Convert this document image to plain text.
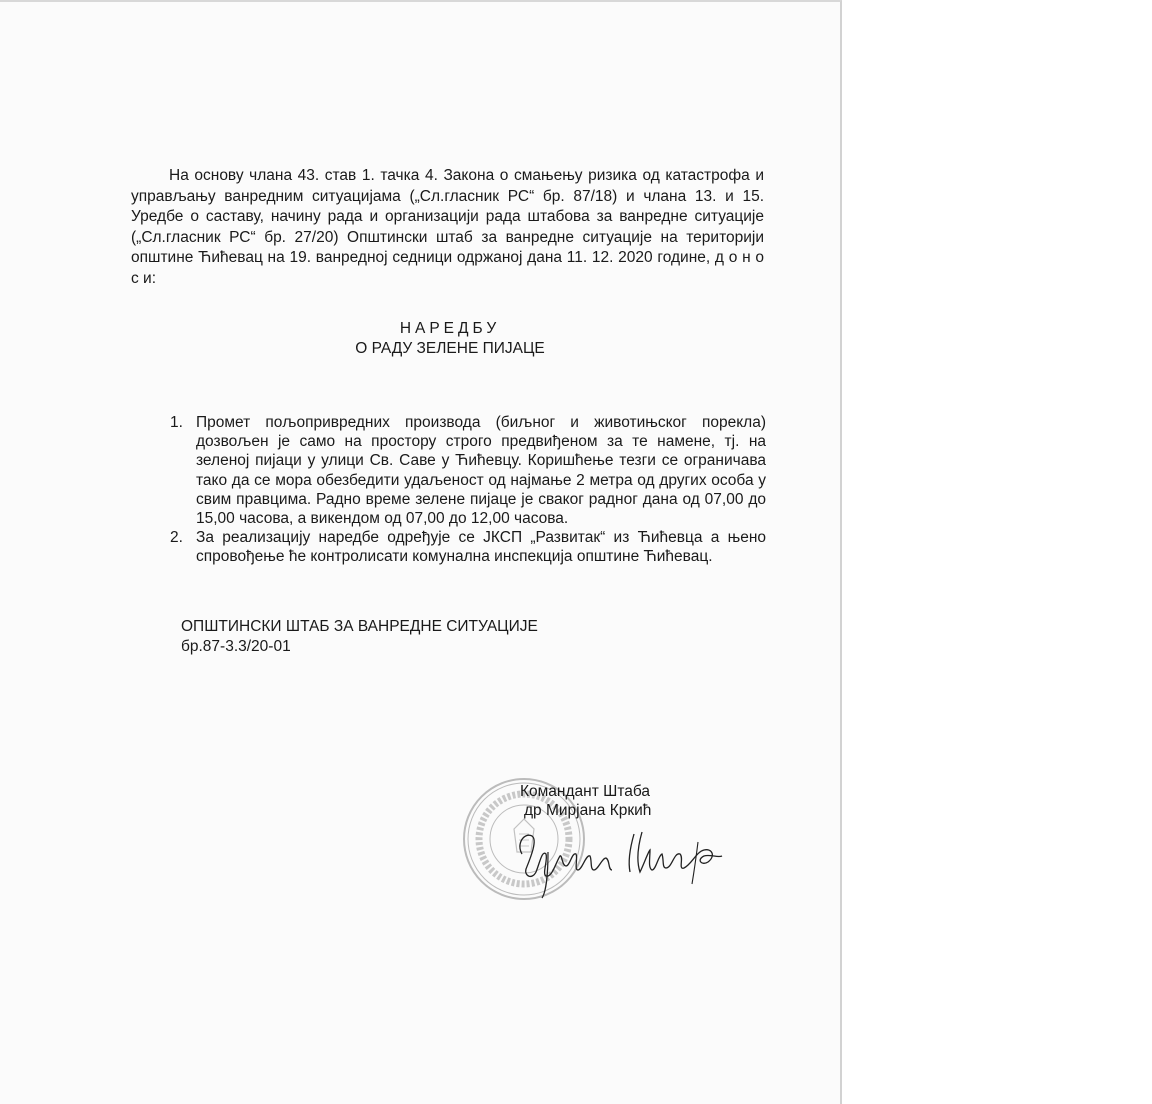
На основу члана 43. став 1. тачка 4. Закона о смањењу ризика од катастрофа и управљању ванредним ситуацијама („Сл.гласник РС“ бр. 87/18) и члана 13. и 15. Уредбе о саставу, начину рада и организацији рада штабова за ванредне ситуације („Сл.гласник РС“ бр. 27/20) Општински штаб за ванредне ситуације на територији општине Ћићевац на 19. ванредној седници одржаној дана 11. 12. 2020 године, д о н о с и:

НАРЕДБУ

О РАДУ ЗЕЛЕНЕ ПИЈАЦЕ

1. Промет пољопривредних производа (биљног и животињског порекла) дозвољен је само на простору строго предвиђеном за те намене, тј. на зеленој пијаци у улици Св. Саве у Ћићевцу. Коришћење тезги се ограничава тако да се мора обезбедити удаљеност од најмање 2 метра од других особа у свим правцима. Радно време зелене пијаце је сваког радног дана од 07,00 до 15,00 часова, а викендом од 07,00 до 12,00 часова.
2. За реализацију наредбе одређује се ЈКСП „Развитак“ из Ћићевца а њено спровођење ће контролисати комунална инспекција општине Ћићевац.

ОПШТИНСКИ ШТАБ ЗА ВАНРЕДНЕ СИТУАЦИЈЕ

бр.87-3.3/20-01

Командант Штаба

др Мирјана Кркић
